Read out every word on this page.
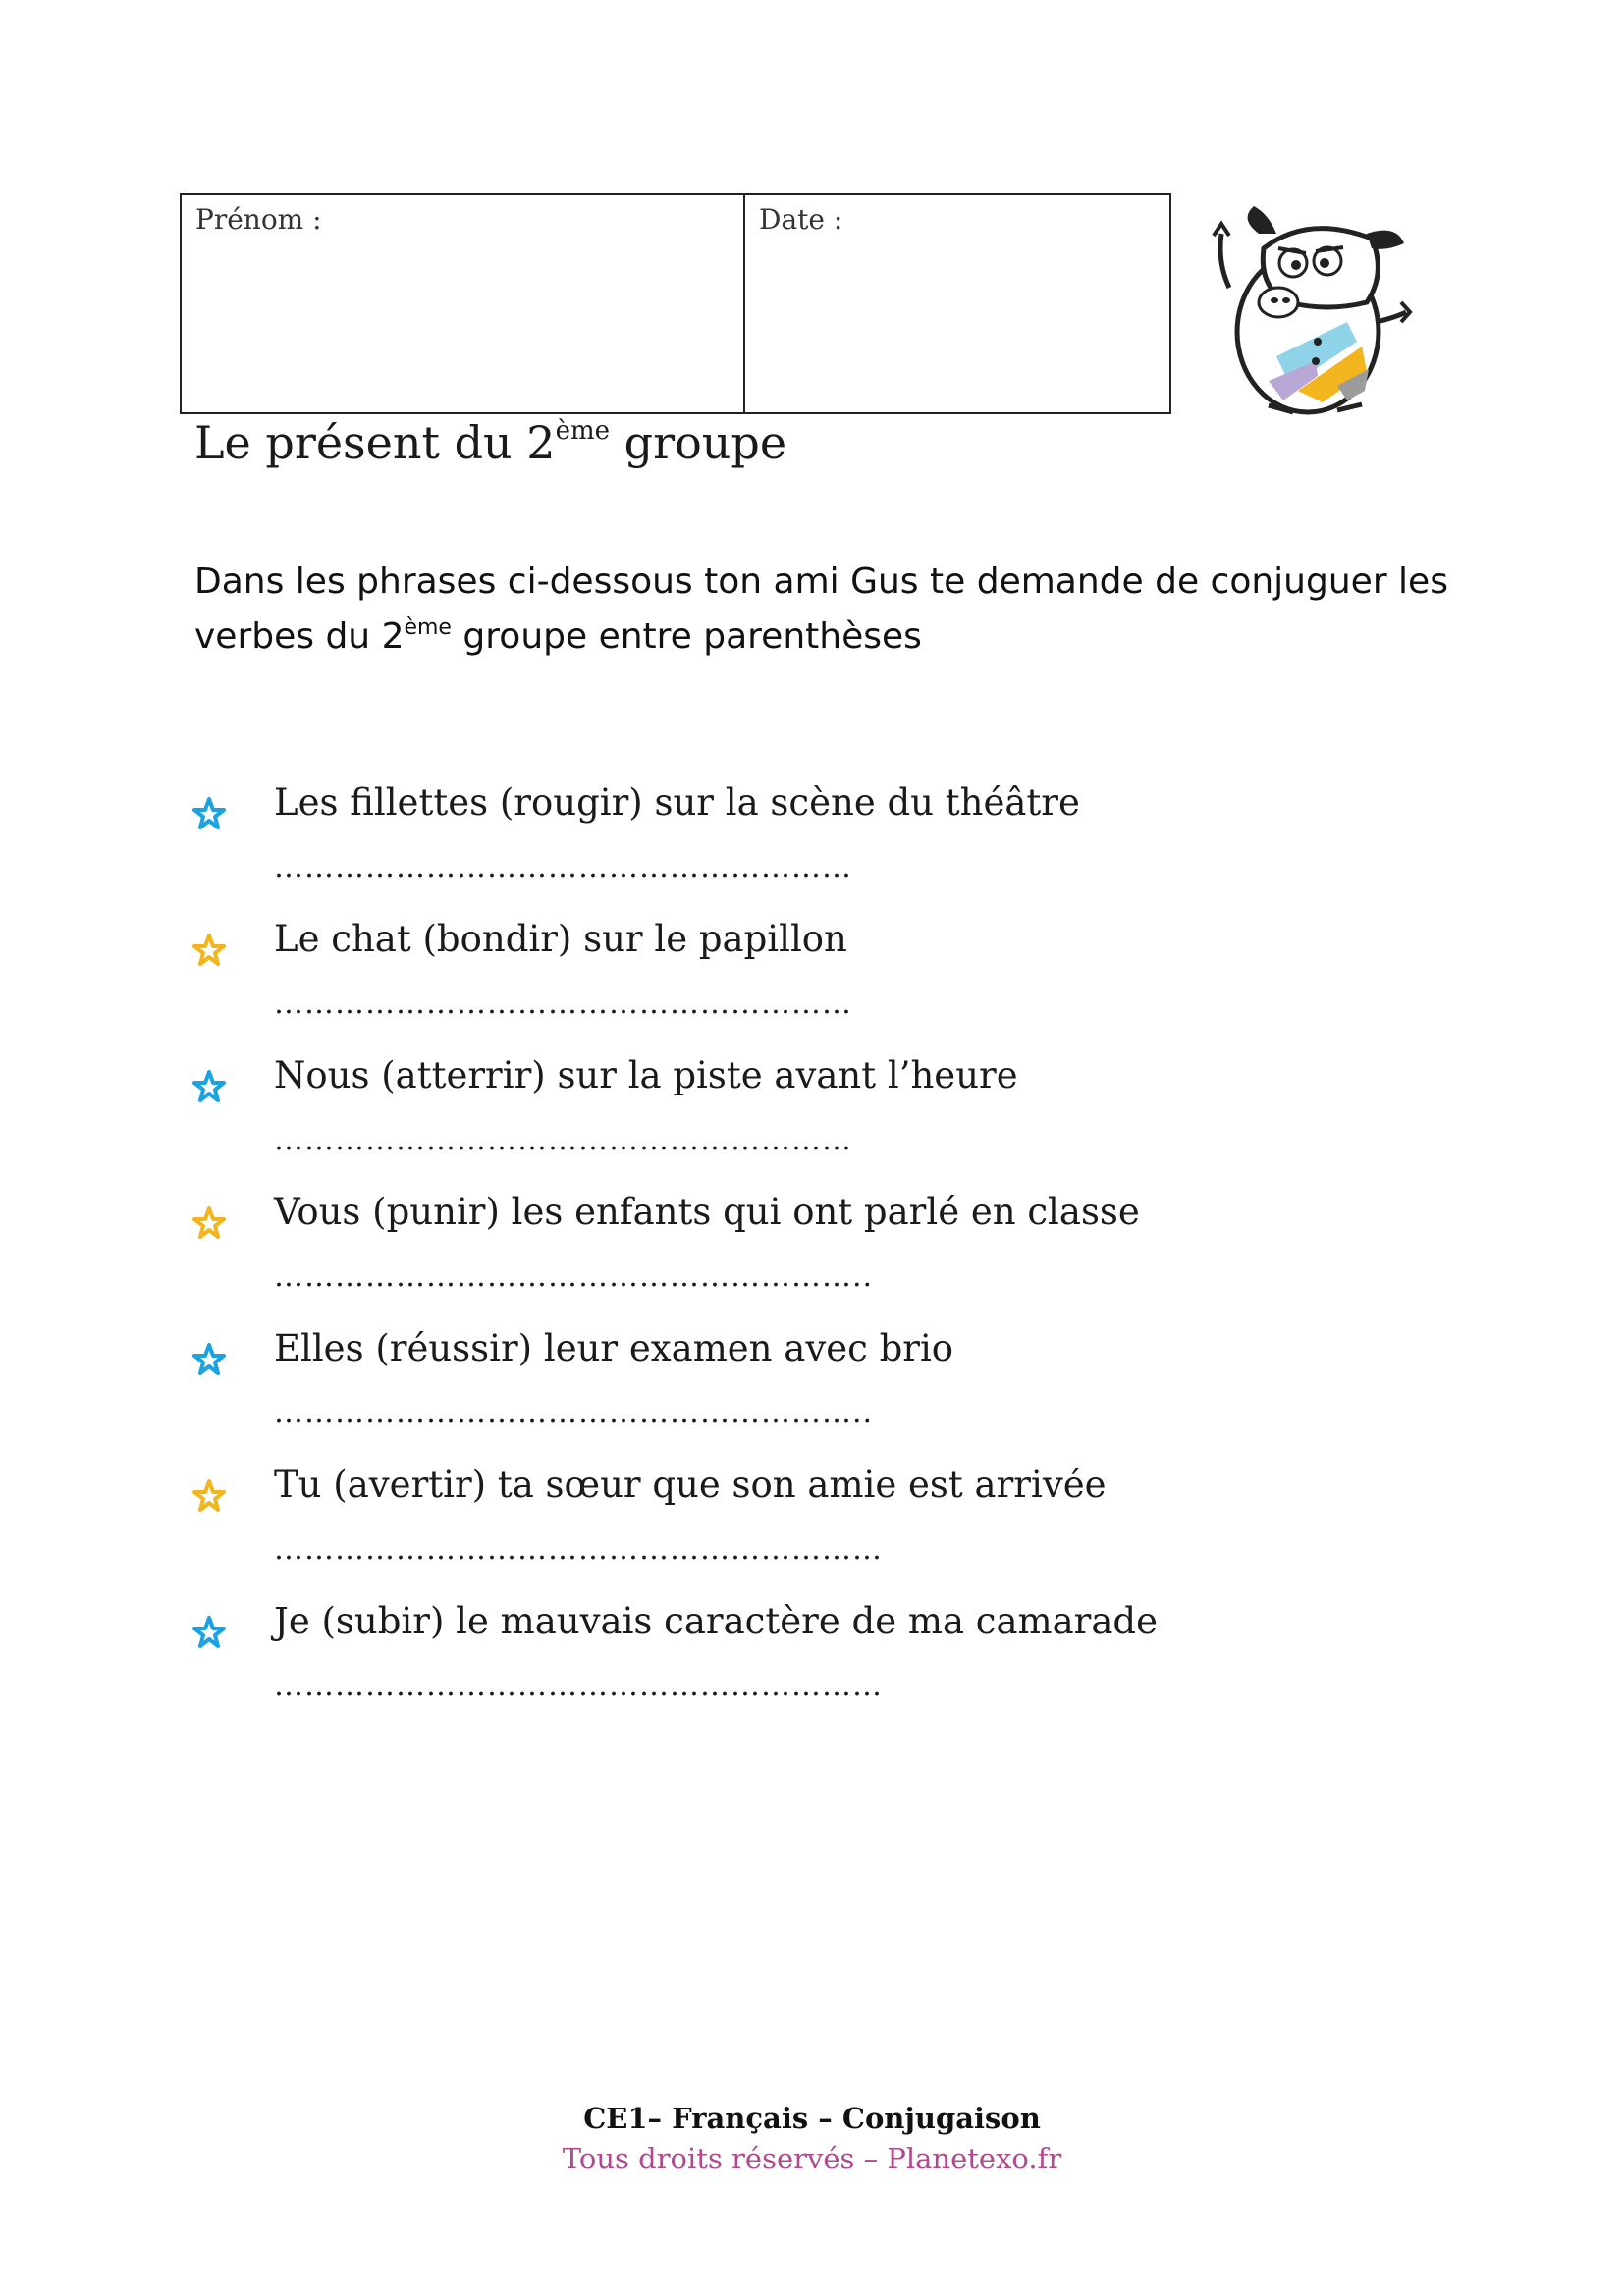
Prénom :	Date :
Le présent du 2ème groupe

Dans les phrases ci-dessous ton ami Gus te demande de conjuguer les
verbes du 2ème groupe entre parenthèses

Les fillettes (rougir) sur la scène du théâtre
…………………………………………………
Le chat (bondir) sur le papillon
…………………………………………………
Nous (atterrir) sur la piste avant l’heure
…………………………………………………
Vous (punir) les enfants qui ont parlé en classe
…………………………………………………..
Elles (réussir) leur examen avec brio
…………………………………………………..
Tu (avertir) ta sœur que son amie est arrivée
……………………………………………………
Je (subir) le mauvais caractère de ma camarade
……………………………………………………
CE1– Français – Conjugaison
Tous droits réservés – Planetexo.fr
